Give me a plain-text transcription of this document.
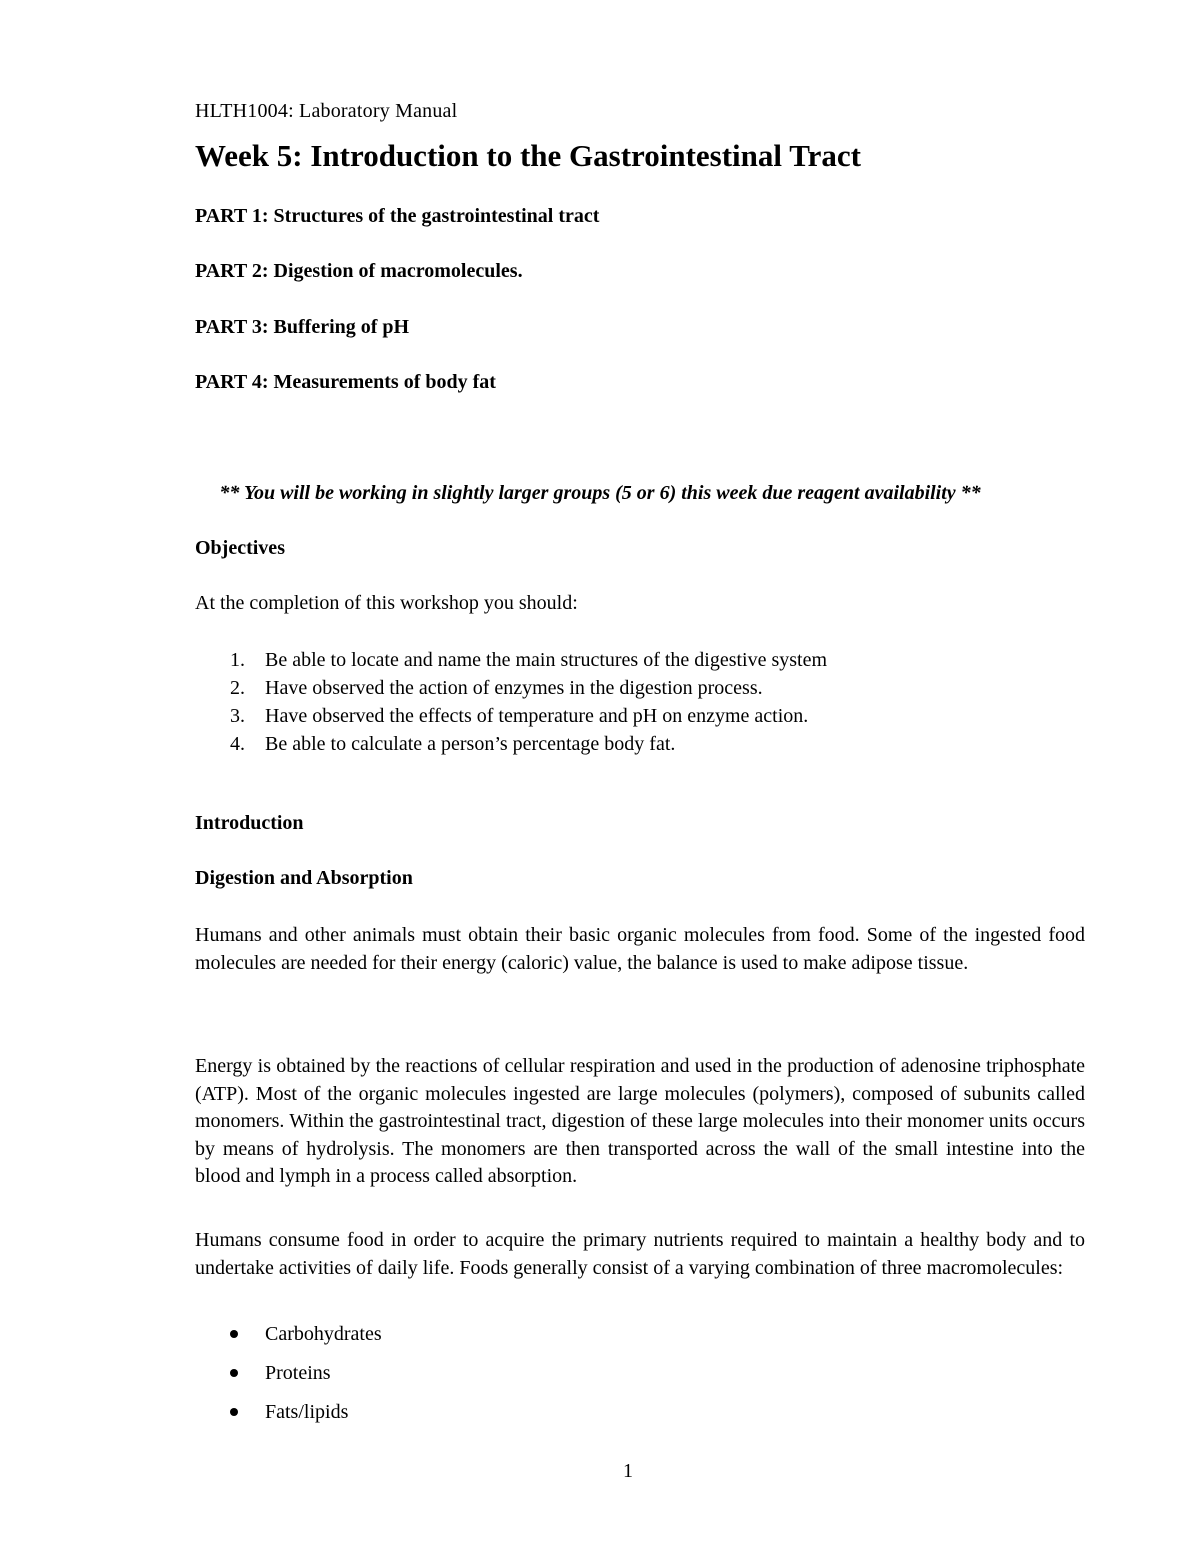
HLTH1004: Laboratory Manual

Week 5: Introduction to the Gastrointestinal Tract

PART 1: Structures of the gastrointestinal tract

PART 2: Digestion of macromolecules.

PART 3: Buffering of pH

PART 4: Measurements of body fat

** You will be working in slightly larger groups (5 or 6) this week due reagent availability **

Objectives

At the completion of this workshop you should:

1. Be able to locate and name the main structures of the digestive system
2. Have observed the action of enzymes in the digestion process.
3. Have observed the effects of temperature and pH on enzyme action.
4. Be able to calculate a person’s percentage body fat.

Introduction

Digestion and Absorption

Humans and other animals must obtain their basic organic molecules from food. Some of the ingested food molecules are needed for their energy (caloric) value, the balance is used to make adipose tissue.

Energy is obtained by the reactions of cellular respiration and used in the production of adenosine triphosphate (ATP). Most of the organic molecules ingested are large molecules (polymers), composed of subunits called monomers. Within the gastrointestinal tract, digestion of these large molecules into their monomer units occurs by means of hydrolysis. The monomers are then transported across the wall of the small intestine into the blood and lymph in a process called absorption.

Humans consume food in order to acquire the primary nutrients required to maintain a healthy body and to undertake activities of daily life. Foods generally consist of a varying combination of three macromolecules:

Carbohydrates
Proteins
Fats/lipids

1
